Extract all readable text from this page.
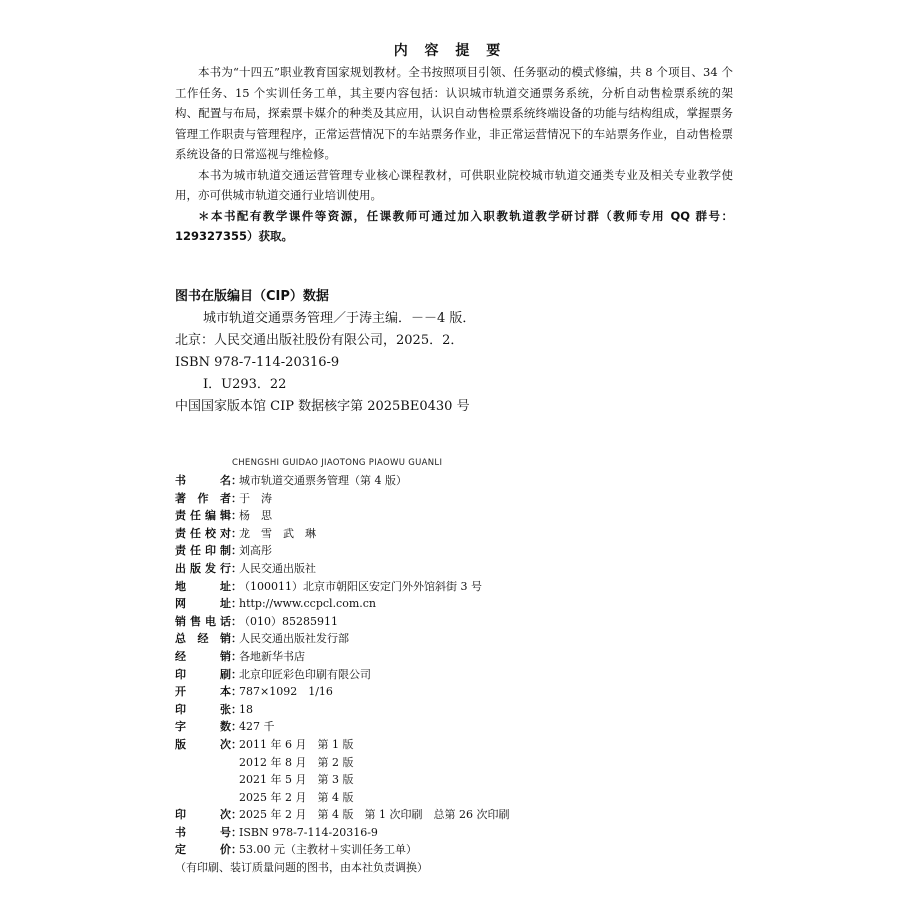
内 容 提 要

本书为“十四五”职业教育国家规划教材。全书按照项目引领、任务驱动的模式修编，共 8 个项目、34 个工作任务、15 个实训任务工单，其主要内容包括：认识城市轨道交通票务系统，分析自动售检票系统的架构、配置与布局，探索票卡媒介的种类及其应用，认识自动售检票系统终端设备的功能与结构组成，掌握票务管理工作职责与管理程序，正常运营情况下的车站票务作业，非正常运营情况下的车站票务作业，自动售检票系统设备的日常巡视与维检修。

本书为城市轨道交通运营管理专业核心课程教材，可供职业院校城市轨道交通类专业及相关专业教学使用，亦可供城市轨道交通行业培训使用。

＊本书配有教学课件等资源，任课教师可通过加入职教轨道教学研讨群（教师专用 QQ 群号：129327355）获取。

图书在版编目（CIP）数据
城市轨道交通票务管理／于涛主编．－－4 版．
北京：人民交通出版社股份有限公司，2025．2．
ISBN 978-7-114-20316-9
Ⅰ．U293．22
中国国家版本馆 CIP 数据核字第 2025BE0430 号
CHENGSHI GUIDAO JIAOTONG PIAOWU GUANLI
书	名 ：
城市轨道交通票务管理（第 4 版）
著 作 者 ：
于　涛
责 任 编 辑 ：
杨　思
责 任 校 对 ：
龙　雪　武　琳
责 任 印 制 ：
刘高彤
出 版 发 行 ：
人民交通出版社
地	址 ：
（100011）北京市朝阳区安定门外外馆斜街 3 号
网	址 ：
http://www.ccpcl.com.cn
销 售 电 话 ：
（010）85285911
总 经 销 ：
人民交通出版社发行部
经	销 ：
各地新华书店
印	刷 ：
北京印匠彩色印刷有限公司
开	本 ：
787×1092　1/16
印	张 ：
18
字	数 ：
427 千
版	次 ：
2011 年 6 月　第 1 版
2012 年 8 月　第 2 版
2021 年 5 月　第 3 版
2025 年 2 月　第 4 版
印	次 ：
2025 年 2 月　第 4 版　第 1 次印刷　总第 26 次印刷
书	号 ：
ISBN 978-7-114-20316-9
定	价 ：
53.00 元（主教材＋实训任务工单）
（有印刷、装订质量问题的图书，由本社负责调换）
